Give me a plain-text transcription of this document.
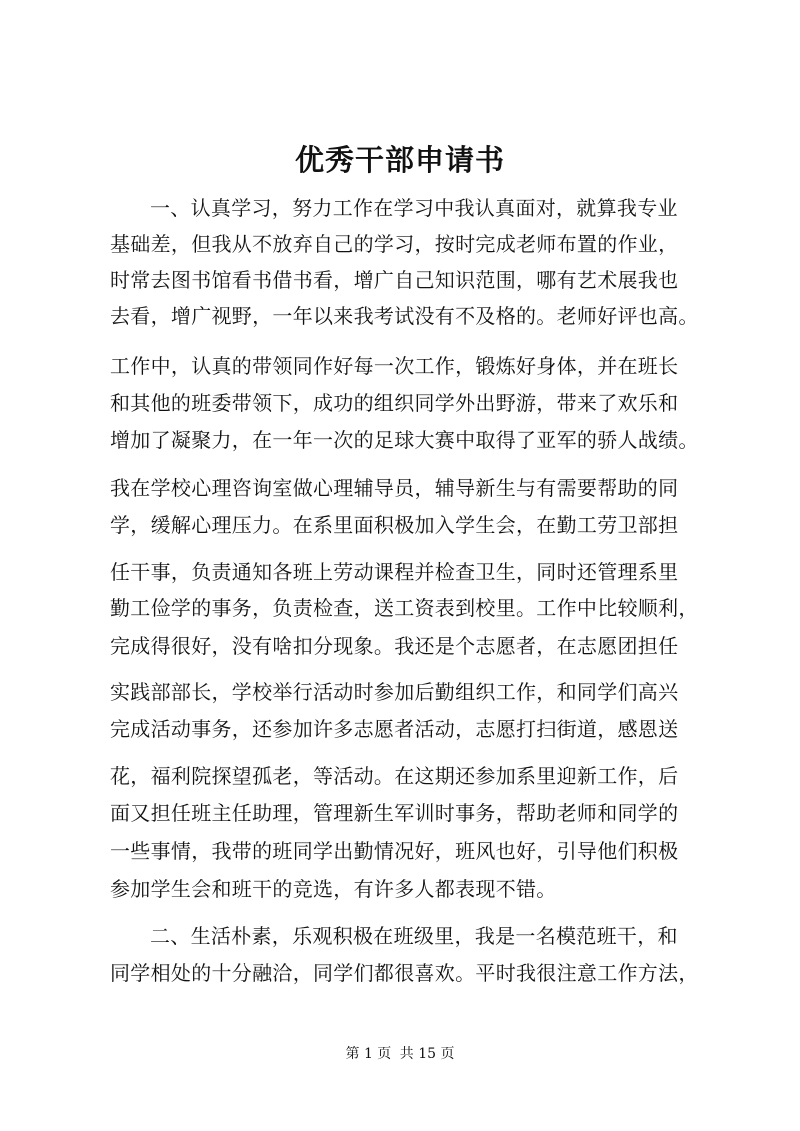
优秀干部申请书
一、认真学习，努力工作在学习中我认真面对，就算我专业
基础差，但我从不放弃自己的学习，按时完成老师布置的作业，
时常去图书馆看书借书看，增广自己知识范围，哪有艺术展我也
去看，增广视野，一年以来我考试没有不及格的。老师好评也高。
工作中，认真的带领同作好每一次工作，锻炼好身体，并在班长
和其他的班委带领下，成功的组织同学外出野游，带来了欢乐和
增加了凝聚力，在一年一次的足球大赛中取得了亚军的骄人战绩。
我在学校心理咨询室做心理辅导员，辅导新生与有需要帮助的同
学，缓解心理压力。在系里面积极加入学生会，在勤工劳卫部担
任干事，负责通知各班上劳动课程并检查卫生，同时还管理系里
勤工俭学的事务，负责检查，送工资表到校里。工作中比较顺利，
完成得很好，没有啥扣分现象。我还是个志愿者，在志愿团担任
实践部部长，学校举行活动时参加后勤组织工作，和同学们高兴
完成活动事务，还参加许多志愿者活动，志愿打扫街道，感恩送
花，福利院探望孤老，等活动。在这期还参加系里迎新工作，后
面又担任班主任助理，管理新生军训时事务，帮助老师和同学的
一些事情，我带的班同学出勤情况好，班风也好，引导他们积极
参加学生会和班干的竞选，有许多人都表现不错。
二、生活朴素，乐观积极在班级里，我是一名模范班干，和
同学相处的十分融洽，同学们都很喜欢。平时我很注意工作方法，
第 1 页 共 15 页
